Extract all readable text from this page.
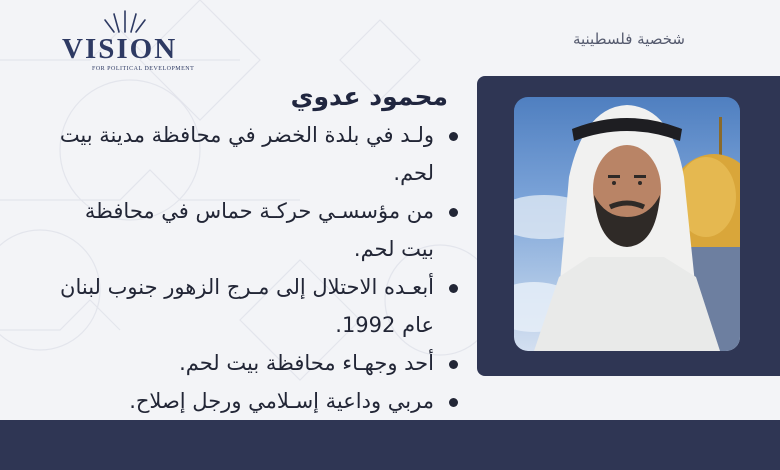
VISION
FOR POLITICAL DEVELOPMENT
شخصية فلسطينية
محمود عدوي
ولـد في بلدة الخضر في محافظة مدينة بيت لحم.
من مؤسسـي حركـة حماس في محافظة بيت لحم.
أبعـده الاحتلال إلى مـرج الزهور جنوب لبنان عام 1992.
أحد وجهـاء محافظة بيت لحم.
مربي وداعية إسـلامي ورجل إصلاح.
